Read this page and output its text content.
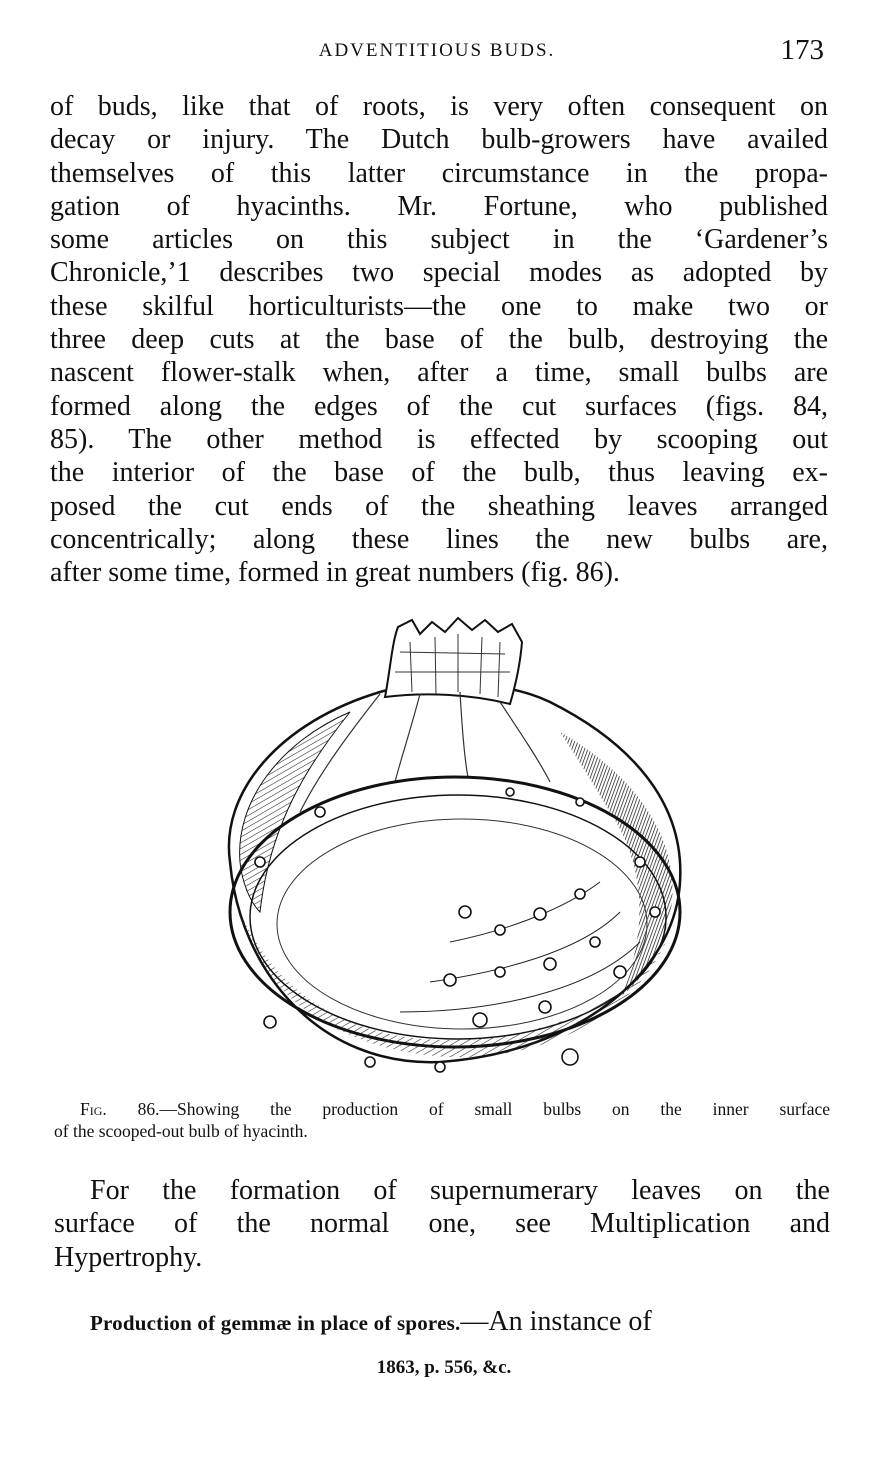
ADVENTITIOUS BUDS.	173
of buds, like that of roots, is very often consequent on
decay or injury. The Dutch bulb-growers have availed
themselves of this latter circumstance in the propa-
gation of hyacinths. Mr. Fortune, who published
some articles on this subject in the ‘Gardener’s
Chronicle,’1 describes two special modes as adopted by
these skilful horticulturists—the one to make two or
three deep cuts at the base of the bulb, destroying the
nascent flower-stalk when, after a time, small bulbs are
formed along the edges of the cut surfaces (figs. 84,
85). The other method is effected by scooping out
the interior of the base of the bulb, thus leaving ex-
posed the cut ends of the sheathing leaves arranged
concentrically; along these lines the new bulbs are,
after some time, formed in great numbers (fig. 86).
Fig. 86.—Showing the production of small bulbs on the inner surface
of the scooped-out bulb of hyacinth.
For the formation of supernumerary leaves on the
surface of the normal one, see Multiplication and
Hypertrophy.
Production of gemmæ in place of spores.—An instance of
1863, p. 556, &c.
